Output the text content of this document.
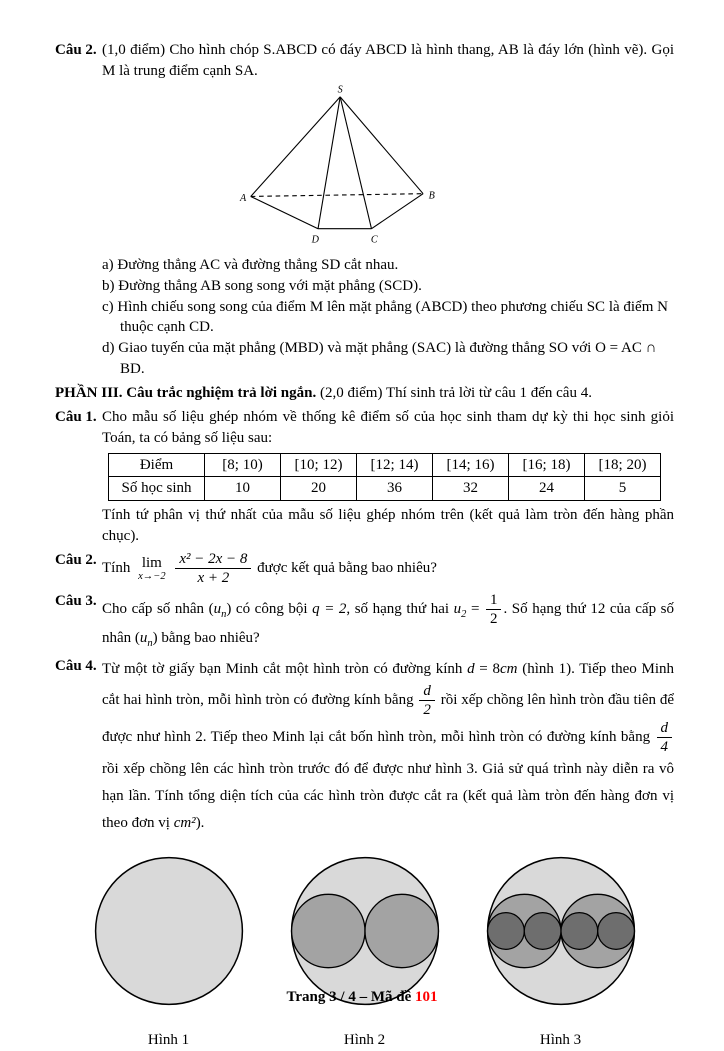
Câu 2. (1,0 điểm) Cho hình chóp S.ABCD có đáy ABCD là hình thang, AB là đáy lớn (hình vẽ). Gọi M là trung điểm cạnh SA.

S
A	B
D	C

a) Đường thẳng AC và đường thẳng SD cắt nhau.

b) Đường thẳng AB song song với mặt phẳng (SCD).

c) Hình chiếu song song của điểm M lên mặt phẳng (ABCD) theo phương chiếu SC là điểm N thuộc cạnh CD.

d) Giao tuyến của mặt phẳng (MBD) và mặt phẳng (SAC) là đường thẳng SO với O = AC ∩ BD.

PHẦN III. Câu trắc nghiệm trả lời ngắn. (2,0 điểm) Thí sinh trả lời từ câu 1 đến câu 4.

Câu 1. Cho mẫu số liệu ghép nhóm về thống kê điểm số của học sinh tham dự kỳ thi học sinh giỏi Toán, ta có bảng số liệu sau:

Điểm	[8; 10)	[10; 12)	[12; 14)	[14; 16)	[16; 18)	[18; 20)
Số học sinh	10	20	36	32	24	5

Tính tứ phân vị thứ nhất của mẫu số liệu ghép nhóm trên (kết quả làm tròn đến hàng phần chục).

Câu 2. Tính lim
x→−2
$\frac{\text{x² − 2x − 8}}{x + 2}$ được kết quả bằng bao nhiêu?
Câu 3. Cho cấp số nhân $(u_n)$ có công bội q = 2, số hạng thứ hai $u_2 = \frac{1}{2}$ . Số hạng thứ 12 của cấp số nhân $(u_n)$ bằng bao nhiêu?
Câu 4. Từ một tờ giấy bạn Minh cắt một hình tròn có đường kính d = 8cm (hình 1). Tiếp theo Minh cắt hai hình tròn, mỗi hình tròn có đường kính bằng $\frac{d}{2}$ rồi xếp chồng lên hình tròn đầu tiên để được như hình 2. Tiếp theo Minh lại cắt bốn hình tròn, mỗi hình tròn có đường kính bằng $\frac{d}{4}$
rồi xếp chồng lên các hình tròn trước đó để được như hình 3. Giả sử quá trình này diễn ra vô hạn lần. Tính tổng diện tích của các hình tròn được cắt ra (kết quả làm tròn đến hàng đơn vị theo đơn vị cm²).
Hình 1	Hình 2	Hình 3
Trang 3 / 4 – Mã đề 101
